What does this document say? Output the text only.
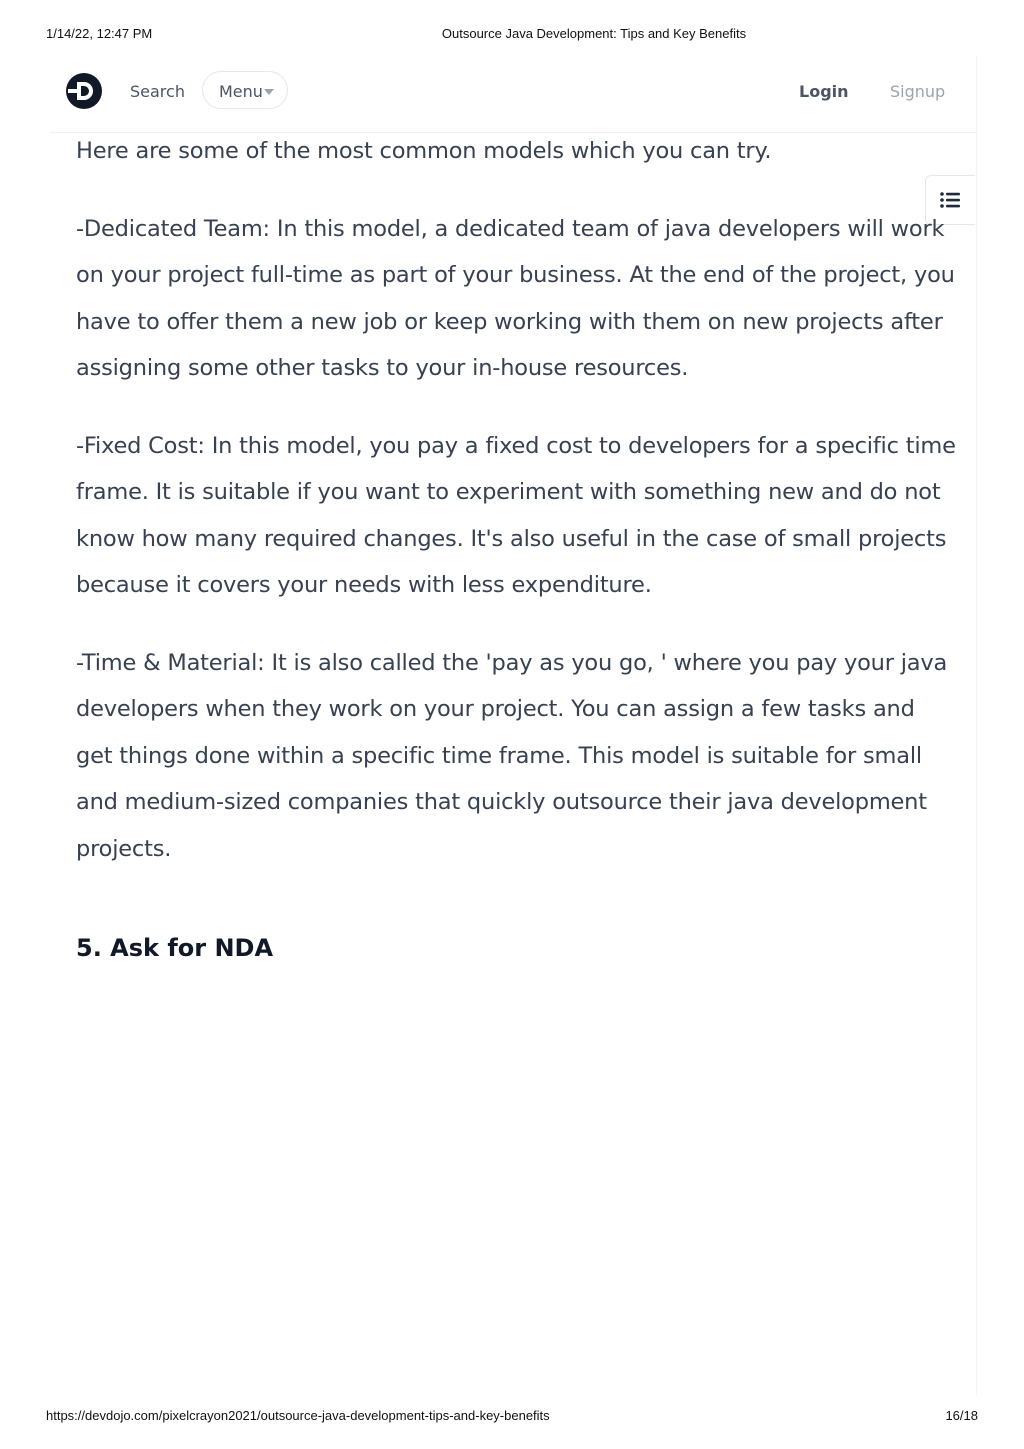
1/14/22, 12:47 PM	Outsource Java Development: Tips and Key Benefits
Search Menu	Login	Signup

Here are some of the most common models which you can try.

-Dedicated Team: In this model, a dedicated team of java developers will work on your project full-time as part of your business. At the end of the project, you have to offer them a new job or keep working with them on new projects after assigning some other tasks to your in-house resources.

-Fixed Cost: In this model, you pay a fixed cost to developers for a specific time frame. It is suitable if you want to experiment with something new and do not know how many required changes. It's also useful in the case of small projects because it covers your needs with less expenditure.

-Time & Material: It is also called the 'pay as you go, ' where you pay your java developers when they work on your project. You can assign a few tasks and get things done within a specific time frame. This model is suitable for small and medium-sized companies that quickly outsource their java development projects.

5. Ask for NDA
https://devdojo.com/pixelcrayon2021/outsource-java-development-tips-and-key-benefits	16/18
